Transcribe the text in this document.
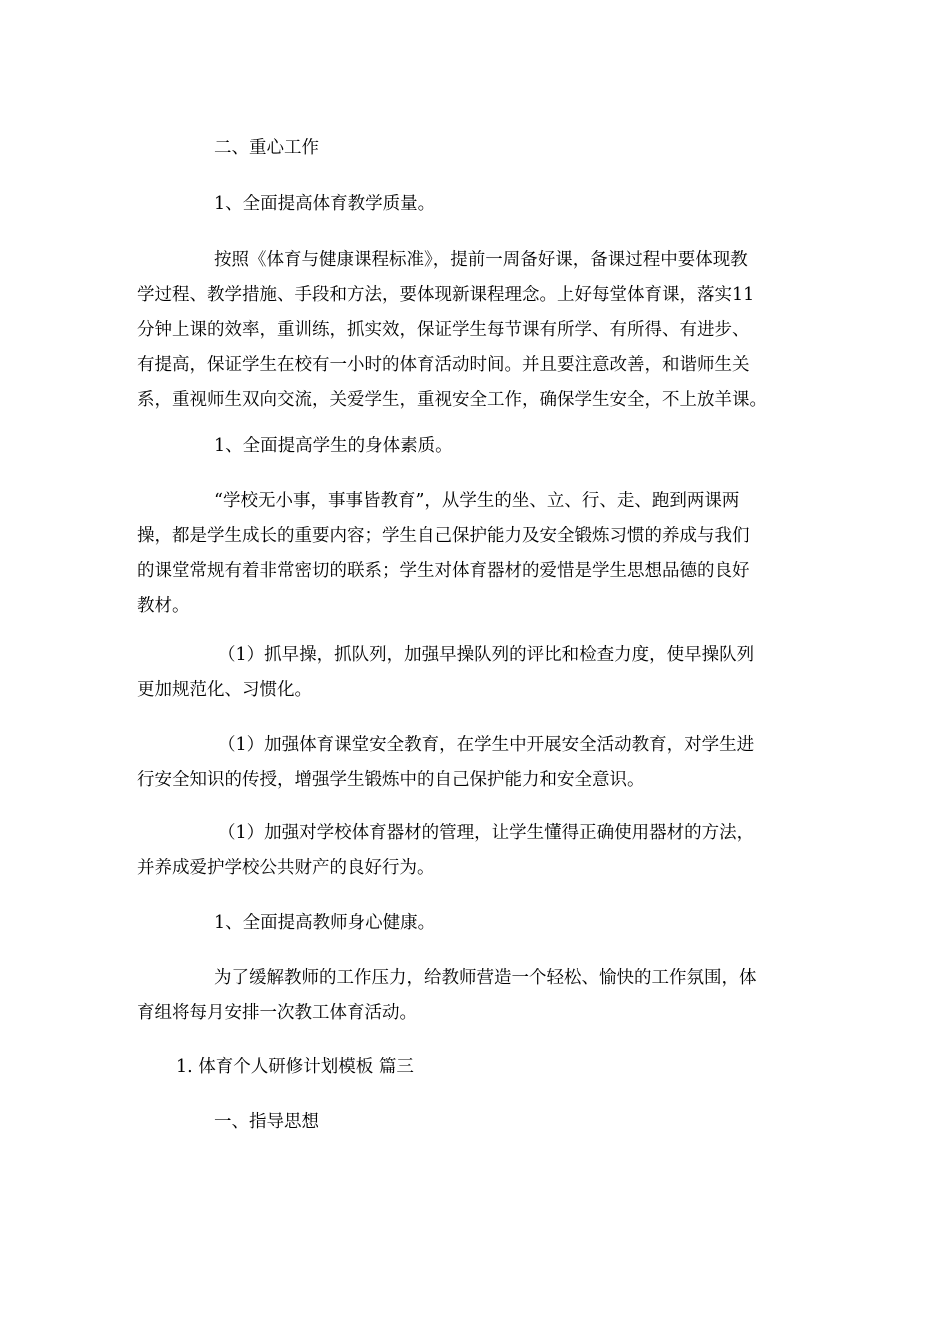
二、重心工作
1、全面提高体育教学质量。
按照《体育与健康课程标准》，提前一周备好课，备课过程中要体现教
学过程、教学措施、手段和方法，要体现新课程理念。上好每堂体育课，落实11
分钟上课的效率，重训练，抓实效，保证学生每节课有所学、有所得、有进步、
有提高，保证学生在校有一小时的体育活动时间。并且要注意改善，和谐师生关
系，重视师生双向交流，关爱学生，重视安全工作，确保学生安全，不上放羊课。
1、全面提高学生的身体素质。
“学校无小事，事事皆教育”，从学生的坐、立、行、走、跑到两课两
操，都是学生成长的重要内容；学生自己保护能力及安全锻炼习惯的养成与我们
的课堂常规有着非常密切的联系；学生对体育器材的爱惜是学生思想品德的良好
教材。
（1）抓早操，抓队列，加强早操队列的评比和检查力度，使早操队列
更加规范化、习惯化。
（1）加强体育课堂安全教育，在学生中开展安全活动教育，对学生进
行安全知识的传授，增强学生锻炼中的自己保护能力和安全意识。
（1）加强对学校体育器材的管理，让学生懂得正确使用器材的方法，
并养成爱护学校公共财产的良好行为。
1、全面提高教师身心健康。
为了缓解教师的工作压力，给教师营造一个轻松、愉快的工作氛围，体
育组将每月安排一次教工体育活动。
1. 体育个人研修计划模板 篇三
一、指导思想
